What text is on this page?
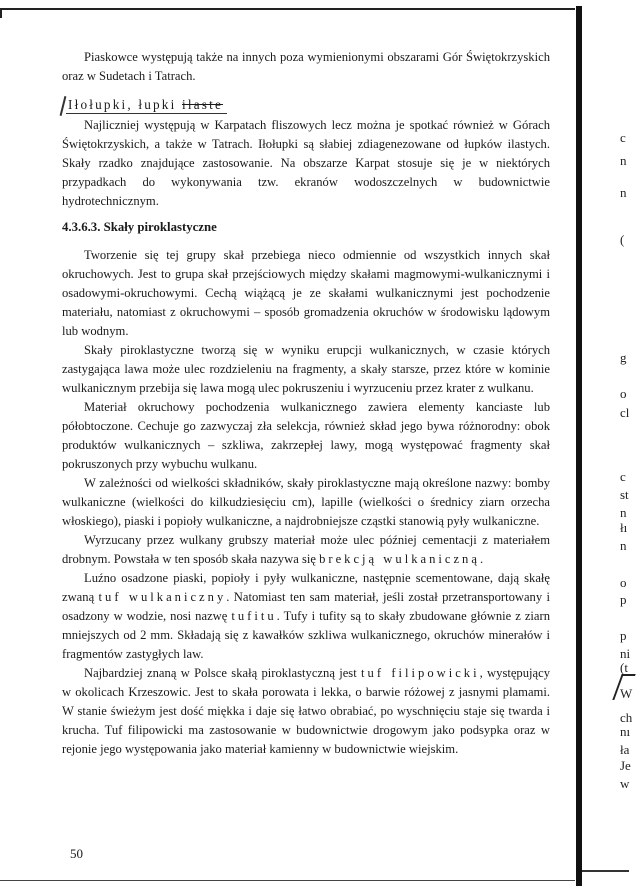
Piaskowce występują także na innych poza wymienionymi obszarami Gór Świętokrzyskich oraz w Sudetach i Tatrach.

Iłołupki, łupki ilaste

Najliczniej występują w Karpatach fliszowych lecz można je spotkać również w Górach Świętokrzyskich, a także w Tatrach. Iłołupki są słabiej zdiagenezowane od łupków ilastych. Skały rzadko znajdujące zastosowanie. Na obszarze Karpat stosuje się je w niektórych przypadkach do wykonywania tzw. ekranów wodoszczelnych w budownictwie hydrotechnicznym.

4.3.6.3. Skały piroklastyczne

Tworzenie się tej grupy skał przebiega nieco odmiennie od wszystkich innych skał okruchowych. Jest to grupa skał przejściowych między skałami magmowymi-wulkanicznymi i osadowymi-okruchowymi. Cechą wiążącą je ze skałami wulkanicznymi jest pochodzenie materiału, natomiast z okruchowymi – sposób gromadzenia okruchów w środowisku lądowym lub wodnym.

Skały piroklastyczne tworzą się w wyniku erupcji wulkanicznych, w czasie których zastygająca lawa może ulec rozdzieleniu na fragmenty, a skały starsze, przez które w kominie wulkanicznym przebija się lawa mogą ulec pokruszeniu i wyrzuceniu przez krater z wulkanu.

Materiał okruchowy pochodzenia wulkanicznego zawiera elementy kanciaste lub półobtoczone. Cechuje go zazwyczaj zła selekcja, również skład jego bywa różnorodny: obok produktów wulkanicznych – szkliwa, zakrzepłej lawy, mogą występować fragmenty skał pokruszonych przy wybuchu wulkanu.

W zależności od wielkości składników, skały piroklastyczne mają określone nazwy: bomby wulkaniczne (wielkości do kilkudziesięciu cm), lapille (wielkości o średnicy ziarn orzecha włoskiego), piaski i popioły wulkaniczne, a najdrobniejsze cząstki stanowią pyły wulkaniczne.

Wyrzucany przez wulkany grubszy materiał może ulec później cementacji z materiałem drobnym. Powstała w ten sposób skała nazywa się brekcją wulkaniczną.

Luźno osadzone piaski, popioły i pyły wulkaniczne, następnie scementowane, dają skałę zwaną tuf wulkaniczny. Natomiast ten sam materiał, jeśli został przetransportowany i osadzony w wodzie, nosi nazwę tufitu. Tufy i tufity są to skały zbudowane głównie z ziarn mniejszych od 2 mm. Składają się z kawałków szkliwa wulkanicznego, okruchów minerałów i fragmentów zastygłych law.

Najbardziej znaną w Polsce skałą piroklastyczną jest tuf filipowicki, występujący w okolicach Krzeszowic. Jest to skała porowata i lekka, o barwie różowej z jasnymi plamami. W stanie świeżym jest dość miękka i daje się łatwo obrabiać, po wyschnięciu staje się twarda i krucha. Tuf filipowicki ma zastosowanie w budownictwie drogowym jako podsypka oraz w rejonie jego występowania jako materiał kamienny w budownictwie wiejskim.

50
c
n
n
(
g
o
cl
c
st
n
łı
n
o
p
p
ni
(t
W
ch
nı
ła
Je
w
